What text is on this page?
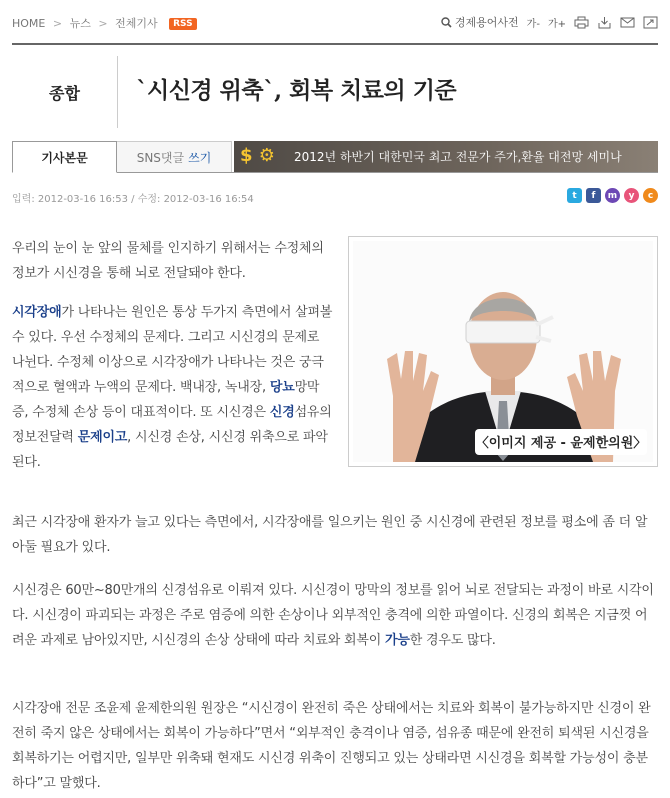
HOME > 뉴스 > 전체기사 RSS	경제용어사전 가- 가+
종합	`시신경 위축`, 회복 치료의 기준
기사본문	SNS댓글 쓰기 $ ⚙	2012년 하반기 대한민국 최고 전문가 주가,환율 대전망 세미나
입력: 2012-03-16 16:53 / 수정: 2012-03-16 16:54	t	f	m	y	c
〈이미지 제공 - 윤제한의원〉

우리의 눈이 눈 앞의 물체를 인지하기 위해서는 수정체의 정보가 시신경을 통해 뇌로 전달돼야 한다.

시각장애가 나타나는 원인은 통상 두가지 측면에서 살펴볼 수 있다. 우선 수정체의 문제다. 그리고 시신경의 문제로 나뉜다. 수정체 이상으로 시각장애가 나타나는 것은 궁극적으로 혈액과 누액의 문제다. 백내장, 녹내장, 당뇨망막증, 수정체 손상 등이 대표적이다. 또 시신경은 신경섬유의 정보전달력 문제이고, 시신경 손상, 시신경 위축으로 파악된다.

최근 시각장애 환자가 늘고 있다는 측면에서, 시각장애를 일으키는 원인 중 시신경에 관련된 정보를 평소에 좀 더 알아둘 필요가 있다.

시신경은 60만~80만개의 신경섬유로 이뤄져 있다. 시신경이 망막의 정보를 읽어 뇌로 전달되는 과정이 바로 시각이다. 시신경이 파괴되는 과정은 주로 염증에 의한 손상이나 외부적인 충격에 의한 파열이다. 신경의 회복은 지금껏 어려운 과제로 남아있지만, 시신경의 손상 상태에 따라 치료와 회복이 가능한 경우도 많다.

시각장애 전문 조윤제 윤제한의원 원장은 “시신경이 완전히 죽은 상태에서는 치료와 회복이 불가능하지만 신경이 완전히 죽지 않은 상태에서는 회복이 가능하다”면서 “외부적인 충격이나 염증, 섬유종 때문에 완전히 퇴색된 시신경을 회복하기는 어렵지만, 일부만 위축돼 현재도 시신경 위축이 진행되고 있는 상태라면 시신경을 회복할 가능성이 충분하다”고 말했다.
